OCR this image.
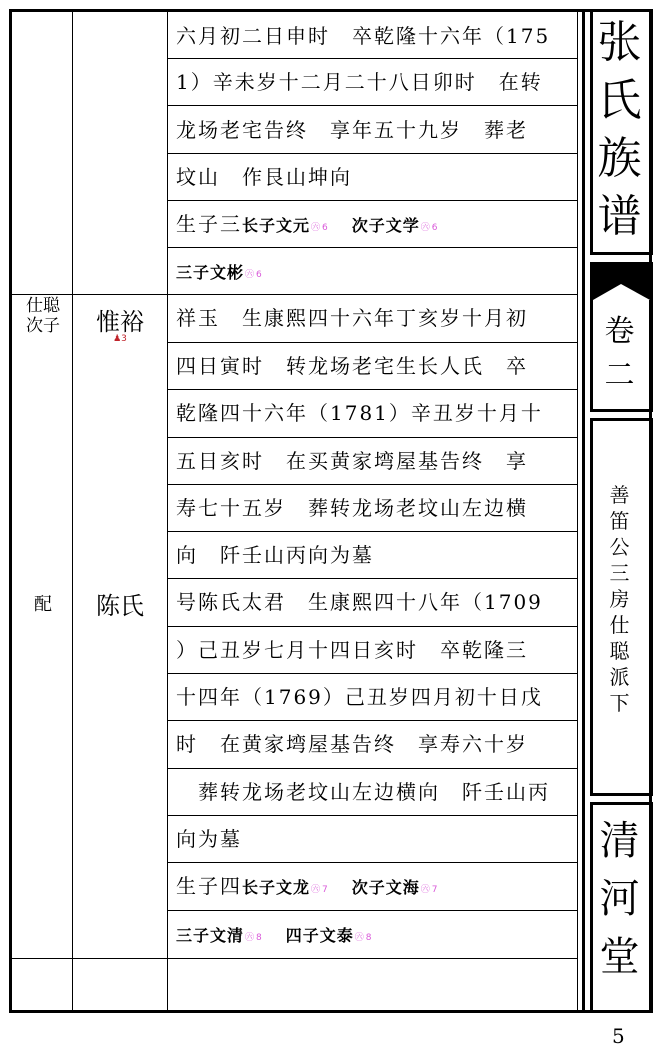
六月初二日申时　卒乾隆十六年（175
1）辛未岁十二月二十八日卯时　在转
龙场老宅告终　享年五十九岁　葬老
坟山　作艮山坤向
生子三长子文元㊅6 次子文学㊅6
三子文彬㊅6
祥玉　生康熙四十六年丁亥岁十月初
四日寅时　转龙场老宅生长人氏　卒
乾隆四十六年（1781）辛丑岁十月十
五日亥时　在买黄家塆屋基告终　享
寿七十五岁　葬转龙场老坟山左边横
向　阡壬山丙向为墓
号陈氏太君　生康熙四十八年（1709
）己丑岁七月十四日亥时　卒乾隆三
十四年（1769）己丑岁四月初十日戊
时　在黄家塆屋基告终　享寿六十岁
　葬转龙场老坟山左边横向　阡壬山丙
向为墓
生子四长子文龙㊅7 次子文海㊅7
三子文清㊅8 四子文泰㊅8
仕聪
次子	惟裕
♟3
配	陈氏
张
氏
族
谱
卷
二
善
笛
公
三
房
仕
聪
派
下
清
河
堂
5
